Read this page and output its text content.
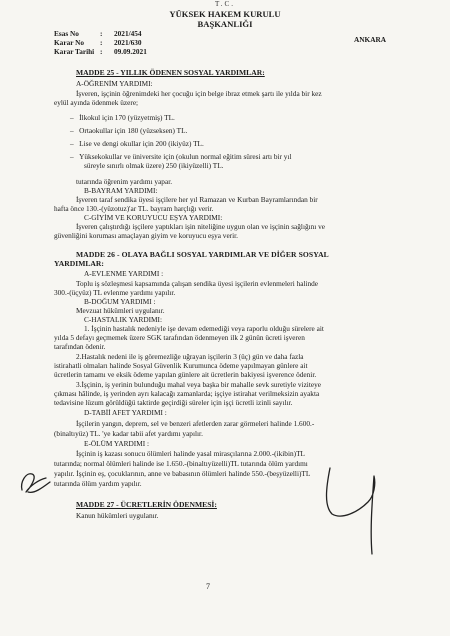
T.C.
YÜKSEK HAKEM KURULU
BAŞKANLIĞI
ANKARA
Esas No	: 2021/454
Karar No : 2021/630
Karar Tarihi : 09.09.2021
MADDE 25 - YILLIK ÖDENEN SOSYAL YARDIMLAR:
A-ÖĞRENİM YARDIMI:
İşveren, işçinin öğrenimdeki her çocuğu için belge ibraz etmek şartı ile yılda bir kez
eylül ayında ödenmek üzere;
–   İlkokul için 170 (yüzyetmiş) TL.
–   Ortaokullar için 180 (yüzseksen) TL.
–   Lise ve dengi okullar için 200 (ikiyüz) TL.
–   Yüksekokullar ve üniversite için (okulun normal eğitim süresi artı bir yıl
süreyle sınırlı olmak üzere) 250 (ikiyüzelli) TL.
tutarında öğrenim yardımı yapar.
B-BAYRAM YARDIMI:
İşveren taraf sendika üyesi işçilere her yıl Ramazan ve Kurban Bayramlarından bir
hafta önce 130.-(yüzotuz)'ar TL. bayram harçlığı verir.
C-GİYİM VE KORUYUCU EŞYA YARDIMI:
İşveren çalıştırdığı işçilere yaptıkları işin niteliğine uygun olan ve işçinin sağlığını ve
güvenliğini koruması amaçlayan giyim ve koruyucu eşya verir.
MADDE 26 - OLAYA BAĞLI SOSYAL YARDIMLAR VE DİĞER SOSYAL
YARDIMLAR:
A-EVLENME YARDIMI :
Toplu iş sözleşmesi kapsamında çalışan sendika üyesi işçilerin evlenmeleri halinde
300.-(üçyüz) TL evlenme yardımı yapılır.
B-DOĞUM YARDIMI :
Mevzuat hükümleri uygulanır.
C-HASTALIK YARDIMI:
1. İşçinin hastalık nedeniyle işe devam edemediği veya raporlu olduğu sürelere ait
yılda 5 defayı geçmemek üzere SGK tarafından ödenmeyen ilk 2 günün ücreti işveren
tarafından ödenir.
2.Hastalık nedeni ile iş göremezliğe uğrayan işçilerin 3 (üç) gün ve daha fazla
istirahatli olmaları halinde Sosyal Güvenlik Kurumunca ödeme yapılmayan günlere ait
ücretlerin tamamı ve eksik ödeme yapılan günlere ait ücretlerin bakiyesi işverence ödenir.
3.İşçinin, iş yerinin bulunduğu mahal veya başka bir mahalle sevk suretiyle viziteye
çıkması hâlinde, iş yerinden ayrı kalacağı zamanlarda; işçiye istirahat verilmeksizin ayakta
tedavisine lüzum görüldüğü taktirde geçirdiği süreler için işçi ücretli izinli sayılır.
D-TABİİ AFET YARDIMI :
İşçilerin yangın, deprem, sel ve benzeri afetlerden zarar görmeleri halinde 1.600.-
(binaltıyüz) TL. 'ye kadar tabii afet yardımı yapılır.
E-ÖLÜM YARDIMI :
İşçinin iş kazası sonucu ölümleri halinde yasal mirasçılarına 2.000.-(ikibin)TL
tutarında; normal ölümleri halinde ise 1.650.-(binaltıyüzelli)TL tutarında ölüm yardımı
yapılır. İşçinin eş, çocuklarının, anne ve babasının ölümleri halinde 550.-(beşyüzelli)TL
tutarında ölüm yardım yapılır.
MADDE 27 - ÜCRETLERİN ÖDENMESİ:
Kanun hükümleri uygulanır.
7
